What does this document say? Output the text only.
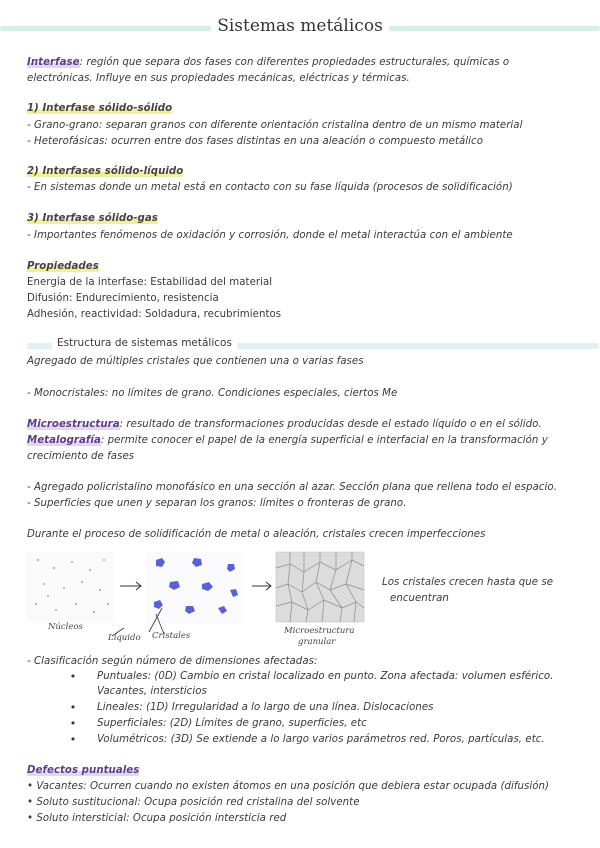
Sistemas metálicos
Interfase: región que separa dos fases con diferentes propiedades estructurales, químicas o
electrónicas. Influye en sus propiedades mecánicas, eléctricas y térmicas.
1) Interfase sólido-sólido
- Grano-grano: separan granos con diferente orientación cristalina dentro de un mismo material
- Heterofásicas: ocurren entre dos fases distintas en una aleación o compuesto metálico
2) Interfases sólido-líquido
- En sistemas donde un metal está en contacto con su fase líquida (procesos de solidificación)
3) Interfase sólido-gas
- Importantes fenómenos de oxidación y corrosión, donde el metal interactúa con el ambiente
Propiedades
Energía de la interfase: Estabilidad del material
Difusión: Endurecimiento, resistencia
Adhesión, reactividad: Soldadura, recubrimientos
Estructura de sistemas metálicos
Agregado de múltiples cristales que contienen una o varias fases
- Monocristales: no límites de grano. Condiciones especiales, ciertos Me
Microestructura: resultado de transformaciones producidas desde el estado líquido o en el sólido.
Metalografía: permite conocer el papel de la energía superficial e interfacial en la transformación y
crecimiento de fases
- Agregado policristalino monofásico en una sección al azar. Sección plana que rellena todo el espacio.
- Superficies que unen y separan los granos: límites o fronteras de grano.
Durante el proceso de solidificación de metal o aleación, cristales crecen imperfecciones
Núcleos
Líquido Cristales	Microestructura
granular
Los cristales crecen hasta que se
encuentran
- Clasificación según número de dimensiones afectadas:
•	Puntuales: (0D) Cambio en cristal localizado en punto. Zona afectada: volumen esférico.
Vacantes, intersticios
•	Lineales: (1D) Irregularidad a lo largo de una línea. Dislocaciones
•	Superficiales: (2D) Límites de grano, superficies, etc
•	Volumétricos: (3D) Se extiende a lo largo varios parámetros red. Poros, partículas, etc.
Defectos puntuales
• Vacantes: Ocurren cuando no existen átomos en una posición que debiera estar ocupada (difusión)
• Soluto sustitucional: Ocupa posición red cristalina del solvente
• Soluto intersticial: Ocupa posición intersticia red
